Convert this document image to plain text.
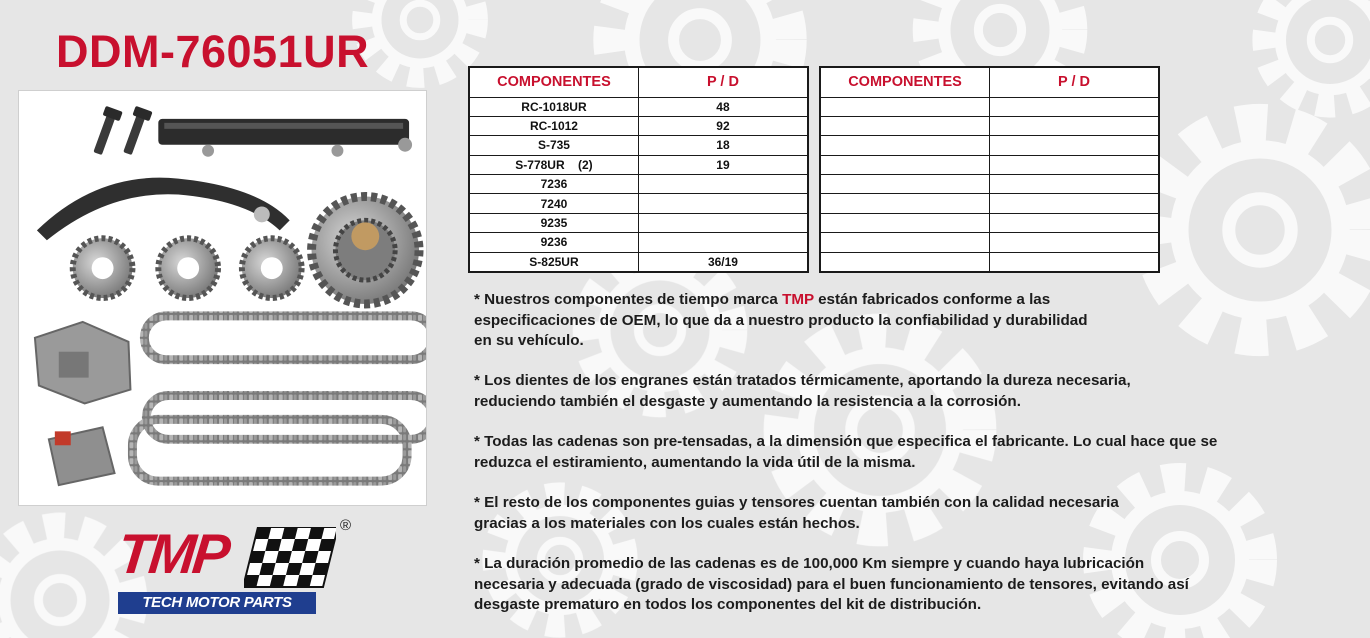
DDM-76051UR
TMP	®
TECH MOTOR PARTS
COMPONENTES	P / D
RC-1018UR	48
RC-1012	92
S-735	18
S-778UR    (2)	19
7236	
7240	
9235	
9236	
S-825UR	36/19
COMPONENTES	P / D

* Nuestros componentes de tiempo marca TMP están fabricados conforme a las
especificaciones de OEM, lo que da a nuestro producto la confiabilidad y durabilidad
en su vehículo.

* Los dientes de los engranes están tratados térmicamente, aportando la dureza necesaria,
reduciendo también el desgaste y aumentando la resistencia a la corrosión.

* Todas las cadenas son pre-tensadas, a la dimensión que especifica el fabricante. Lo cual hace que se
reduzca el estiramiento, aumentando la vida útil de la misma.

* El resto de los componentes guias y tensores cuentan también con la calidad necesaria
gracias a los materiales con los cuales están hechos.

* La duración promedio de las cadenas es de 100,000 Km siempre y cuando haya lubricación
necesaria y adecuada (grado de viscosidad) para el buen funcionamiento de tensores, evitando así
desgaste prematuro en todos los componentes del kit de distribución.
